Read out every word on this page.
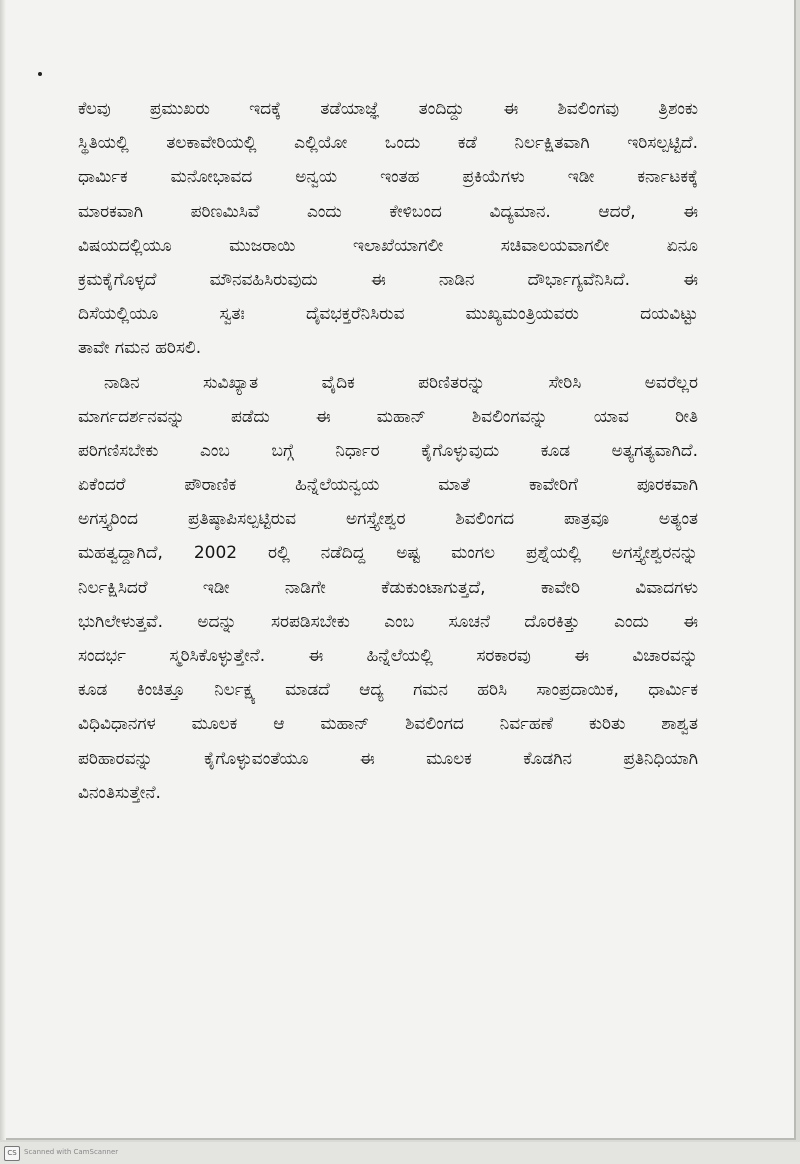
ಕೆಲವು ಪ್ರಮುಖರು ಇದಕ್ಕೆ ತಡೆಯಾಜ್ಞೆ ತಂದಿದ್ದು ಈ ಶಿವಲಿಂಗವು ತ್ರಿಶಂಕು
ಸ್ಥಿತಿಯಲ್ಲಿ ತಲಕಾವೇರಿಯಲ್ಲಿ ಎಲ್ಲಿಯೋ ಒಂದು ಕಡೆ ನಿರ್ಲಕ್ಷಿತವಾಗಿ ಇರಿಸಲ್ಪಟ್ಟಿದೆ.
ಧಾರ್ಮಿಕ ಮನೋಭಾವದ ಅನ್ವಯ ಇಂತಹ ಪ್ರಕಿಯೆಗಳು ಇಡೀ ಕರ್ನಾಟಕಕ್ಕೆ
ಮಾರಕವಾಗಿ ಪರಿಣಮಿಸಿವೆ ಎಂದು ಕೇಳಿಬಂದ ವಿದ್ಯಮಾನ. ಆದರೆ, ಈ
ವಿಷಯದಲ್ಲಿಯೂ ಮುಜರಾಯಿ ಇಲಾಖೆಯಾಗಲೀ ಸಚಿವಾಲಯವಾಗಲೀ ಏನೂ
ಕ್ರಮಕೈಗೊಳ್ಳದೆ ಮೌನವಹಿಸಿರುವುದು ಈ ನಾಡಿನ ದೌರ್ಭಾಗ್ಯವೆನಿಸಿದೆ. ಈ
ದಿಸೆಯಲ್ಲಿಯೂ ಸ್ವತಃ ದೈವಭಕ್ತರೆನಿಸಿರುವ ಮುಖ್ಯಮಂತ್ರಿಯವರು ದಯವಿಟ್ಟು
ತಾವೇ ಗಮನ ಹರಿಸಲಿ.
ನಾಡಿನ ಸುವಿಖ್ಯಾತ ವೈದಿಕ ಪರಿಣಿತರನ್ನು ಸೇರಿಸಿ ಅವರೆಲ್ಲರ
ಮಾರ್ಗದರ್ಶನವನ್ನು ಪಡೆದು ಈ ಮಹಾನ್ ಶಿವಲಿಂಗವನ್ನು ಯಾವ ರೀತಿ
ಪರಿಗಣಿಸಬೇಕು ಎಂಬ ಬಗ್ಗೆ ನಿರ್ಧಾರ ಕೈಗೊಳ್ಳುವುದು ಕೂಡ ಅತ್ಯಗತ್ಯವಾಗಿದೆ.
ಏಕೆಂದರೆ ಪೌರಾಣಿಕ ಹಿನ್ನೆಲೆಯನ್ವಯ ಮಾತೆ ಕಾವೇರಿಗೆ ಪೂರಕವಾಗಿ
ಅಗಸ್ತ್ಯರಿಂದ ಪ್ರತಿಷ್ಠಾಪಿಸಲ್ಪಟ್ಟಿರುವ ಅಗಸ್ತ್ಯೇಶ್ವರ ಶಿವಲಿಂಗದ ಪಾತ್ರವೂ ಅತ್ಯಂತ
ಮಹತ್ವದ್ದಾಗಿದೆ, 2002 ರಲ್ಲಿ ನಡೆದಿದ್ದ ಅಷ್ಟ ಮಂಗಲ ಪ್ರಶ್ನೆಯಲ್ಲಿ ಅಗಸ್ತ್ಯೇಶ್ವರನನ್ನು
ನಿರ್ಲಕ್ಷಿಸಿದರೆ ಇಡೀ ನಾಡಿಗೇ ಕೆಡುಕುಂಟಾಗುತ್ತದೆ, ಕಾವೇರಿ ವಿವಾದಗಳು
ಭುಗಿಲೇಳುತ್ತವೆ. ಅದನ್ನು ಸರಪಡಿಸಬೇಕು ಎಂಬ ಸೂಚನೆ ದೊರಕಿತ್ತು ಎಂದು ಈ
ಸಂದರ್ಭ ಸ್ಮರಿಸಿಕೊಳ್ಳುತ್ತೇನೆ. ಈ ಹಿನ್ನೆಲೆಯಲ್ಲಿ ಸರಕಾರವು ಈ ವಿಚಾರವನ್ನು
ಕೂಡ ಕಿಂಚಿತ್ತೂ ನಿರ್ಲಕ್ಷ್ಯ ಮಾಡದೆ ಆದ್ಯ ಗಮನ ಹರಿಸಿ ಸಾಂಪ್ರದಾಯಿಕ, ಧಾರ್ಮಿಕ
ವಿಧಿವಿಧಾನಗಳ ಮೂಲಕ ಆ ಮಹಾನ್ ಶಿವಲಿಂಗದ ನಿರ್ವಹಣೆ ಕುರಿತು ಶಾಶ್ವತ
ಪರಿಹಾರವನ್ನು ಕೈಗೊಳ್ಳುವಂತೆಯೂ ಈ ಮೂಲಕ ಕೊಡಗಿನ ಪ್ರತಿನಿಧಿಯಾಗಿ
ವಿನಂತಿಸುತ್ತೇನೆ.
CS	Scanned with CamScanner
